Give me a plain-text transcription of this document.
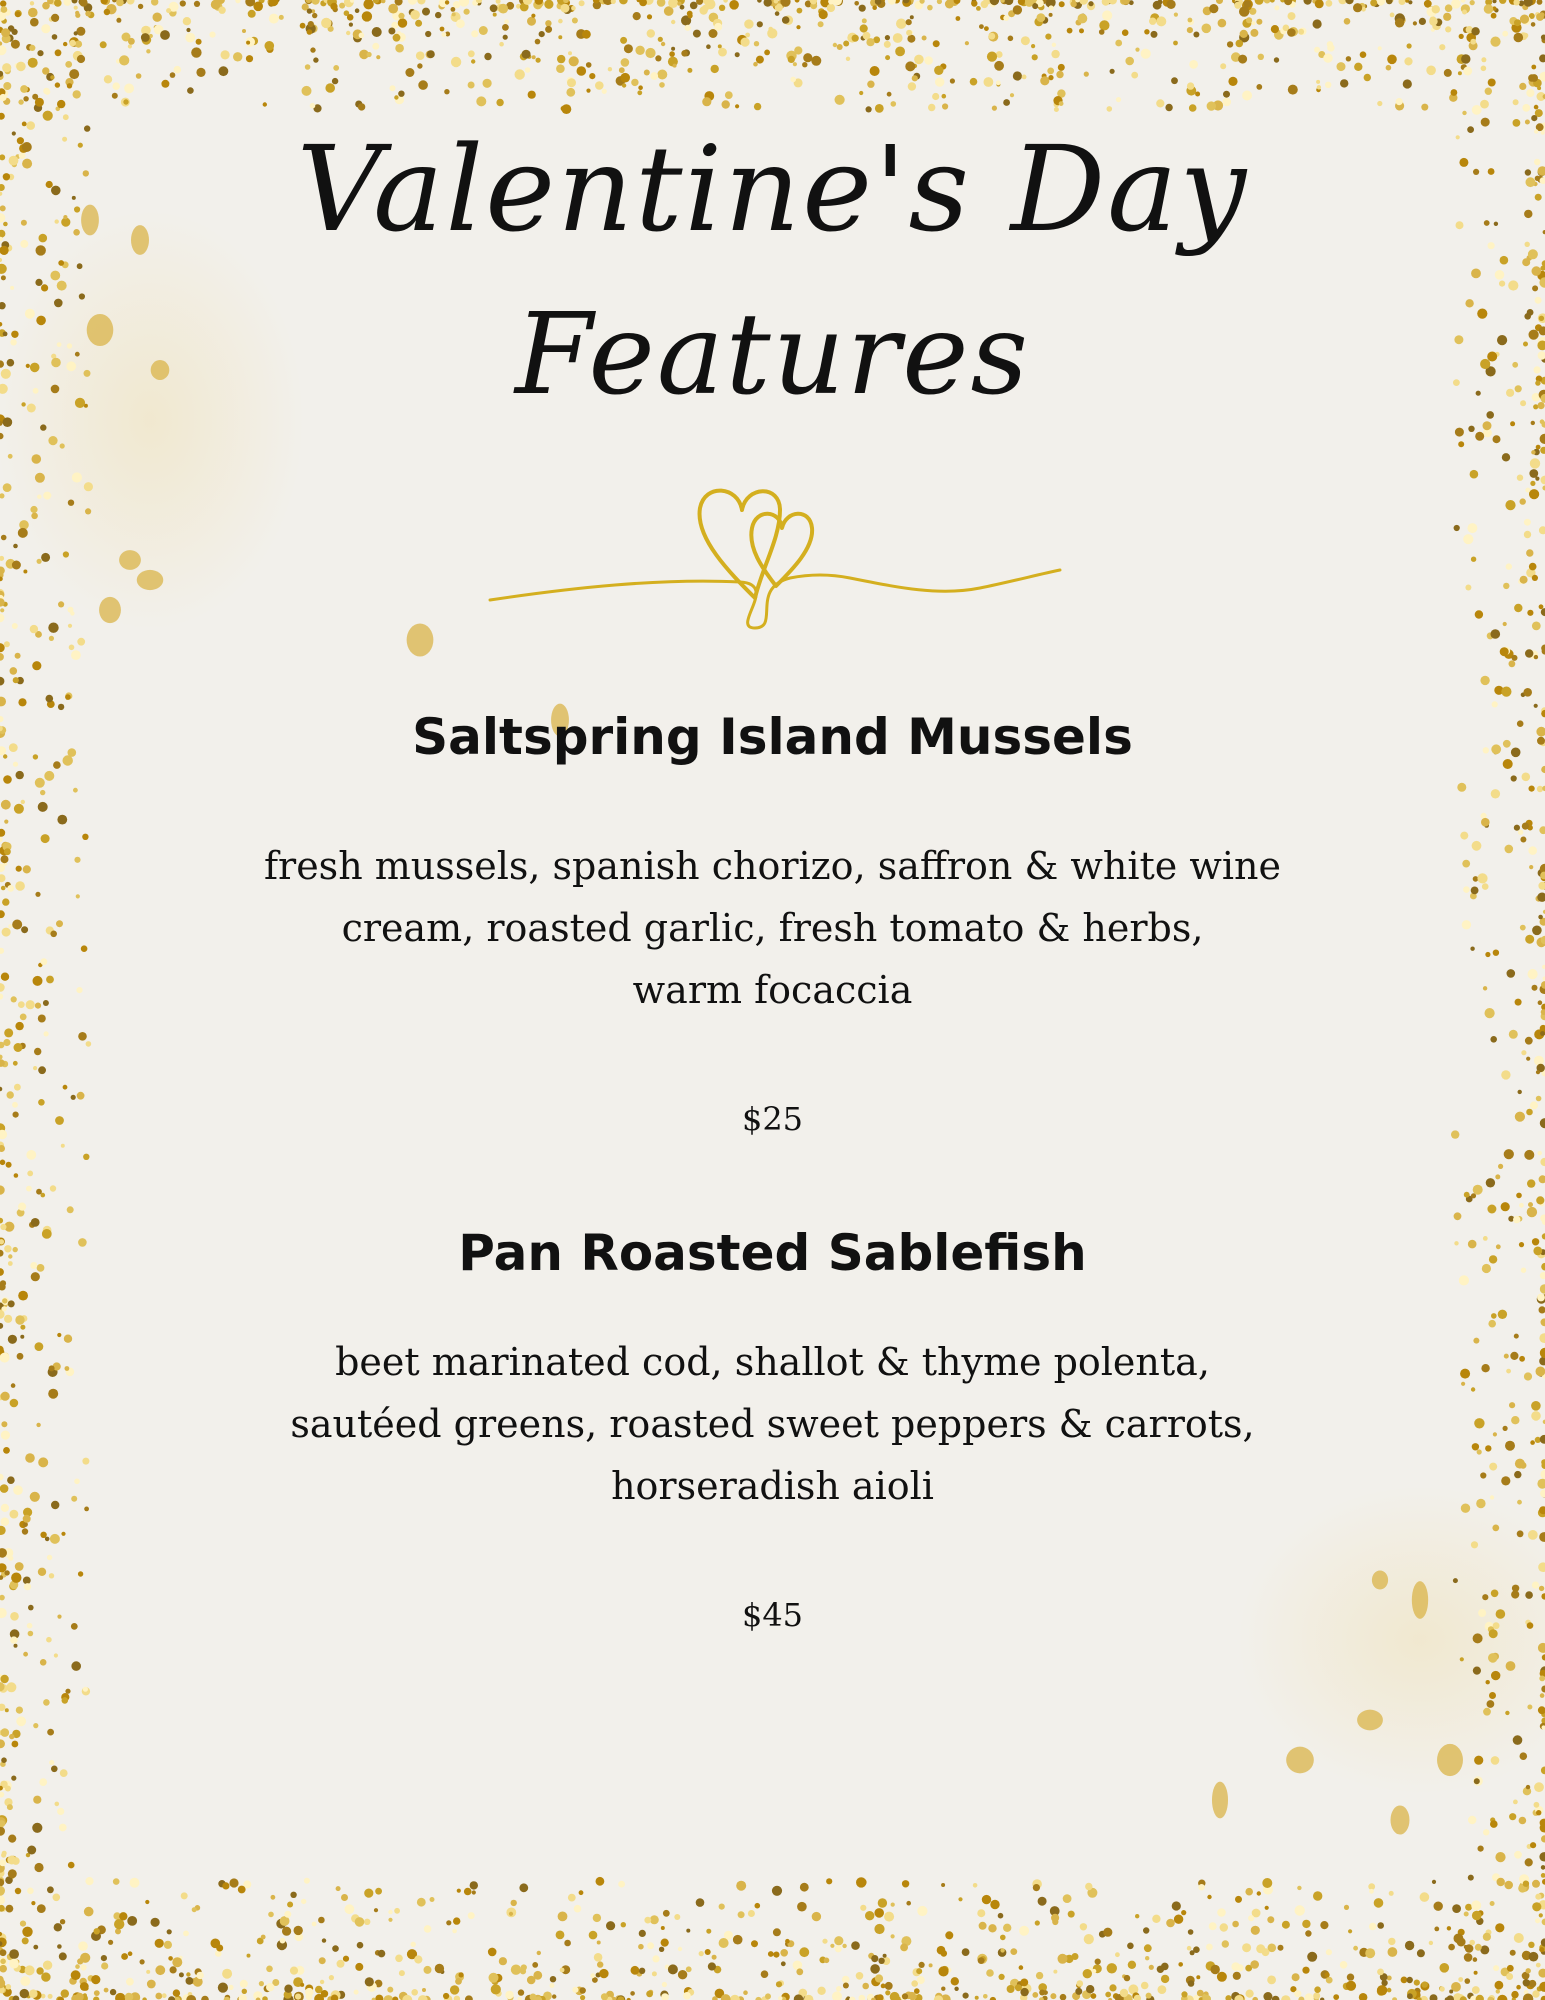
Valentine's Day
Features
Saltspring Island Mussels

fresh mussels, spanish chorizo, saffron & white wine

cream, roasted garlic, fresh tomato & herbs,

warm focaccia

$25

Pan Roasted Sablefish

beet marinated cod, shallot & thyme polenta,

sautéed greens, roasted sweet peppers & carrots,

horseradish aioli

$45
